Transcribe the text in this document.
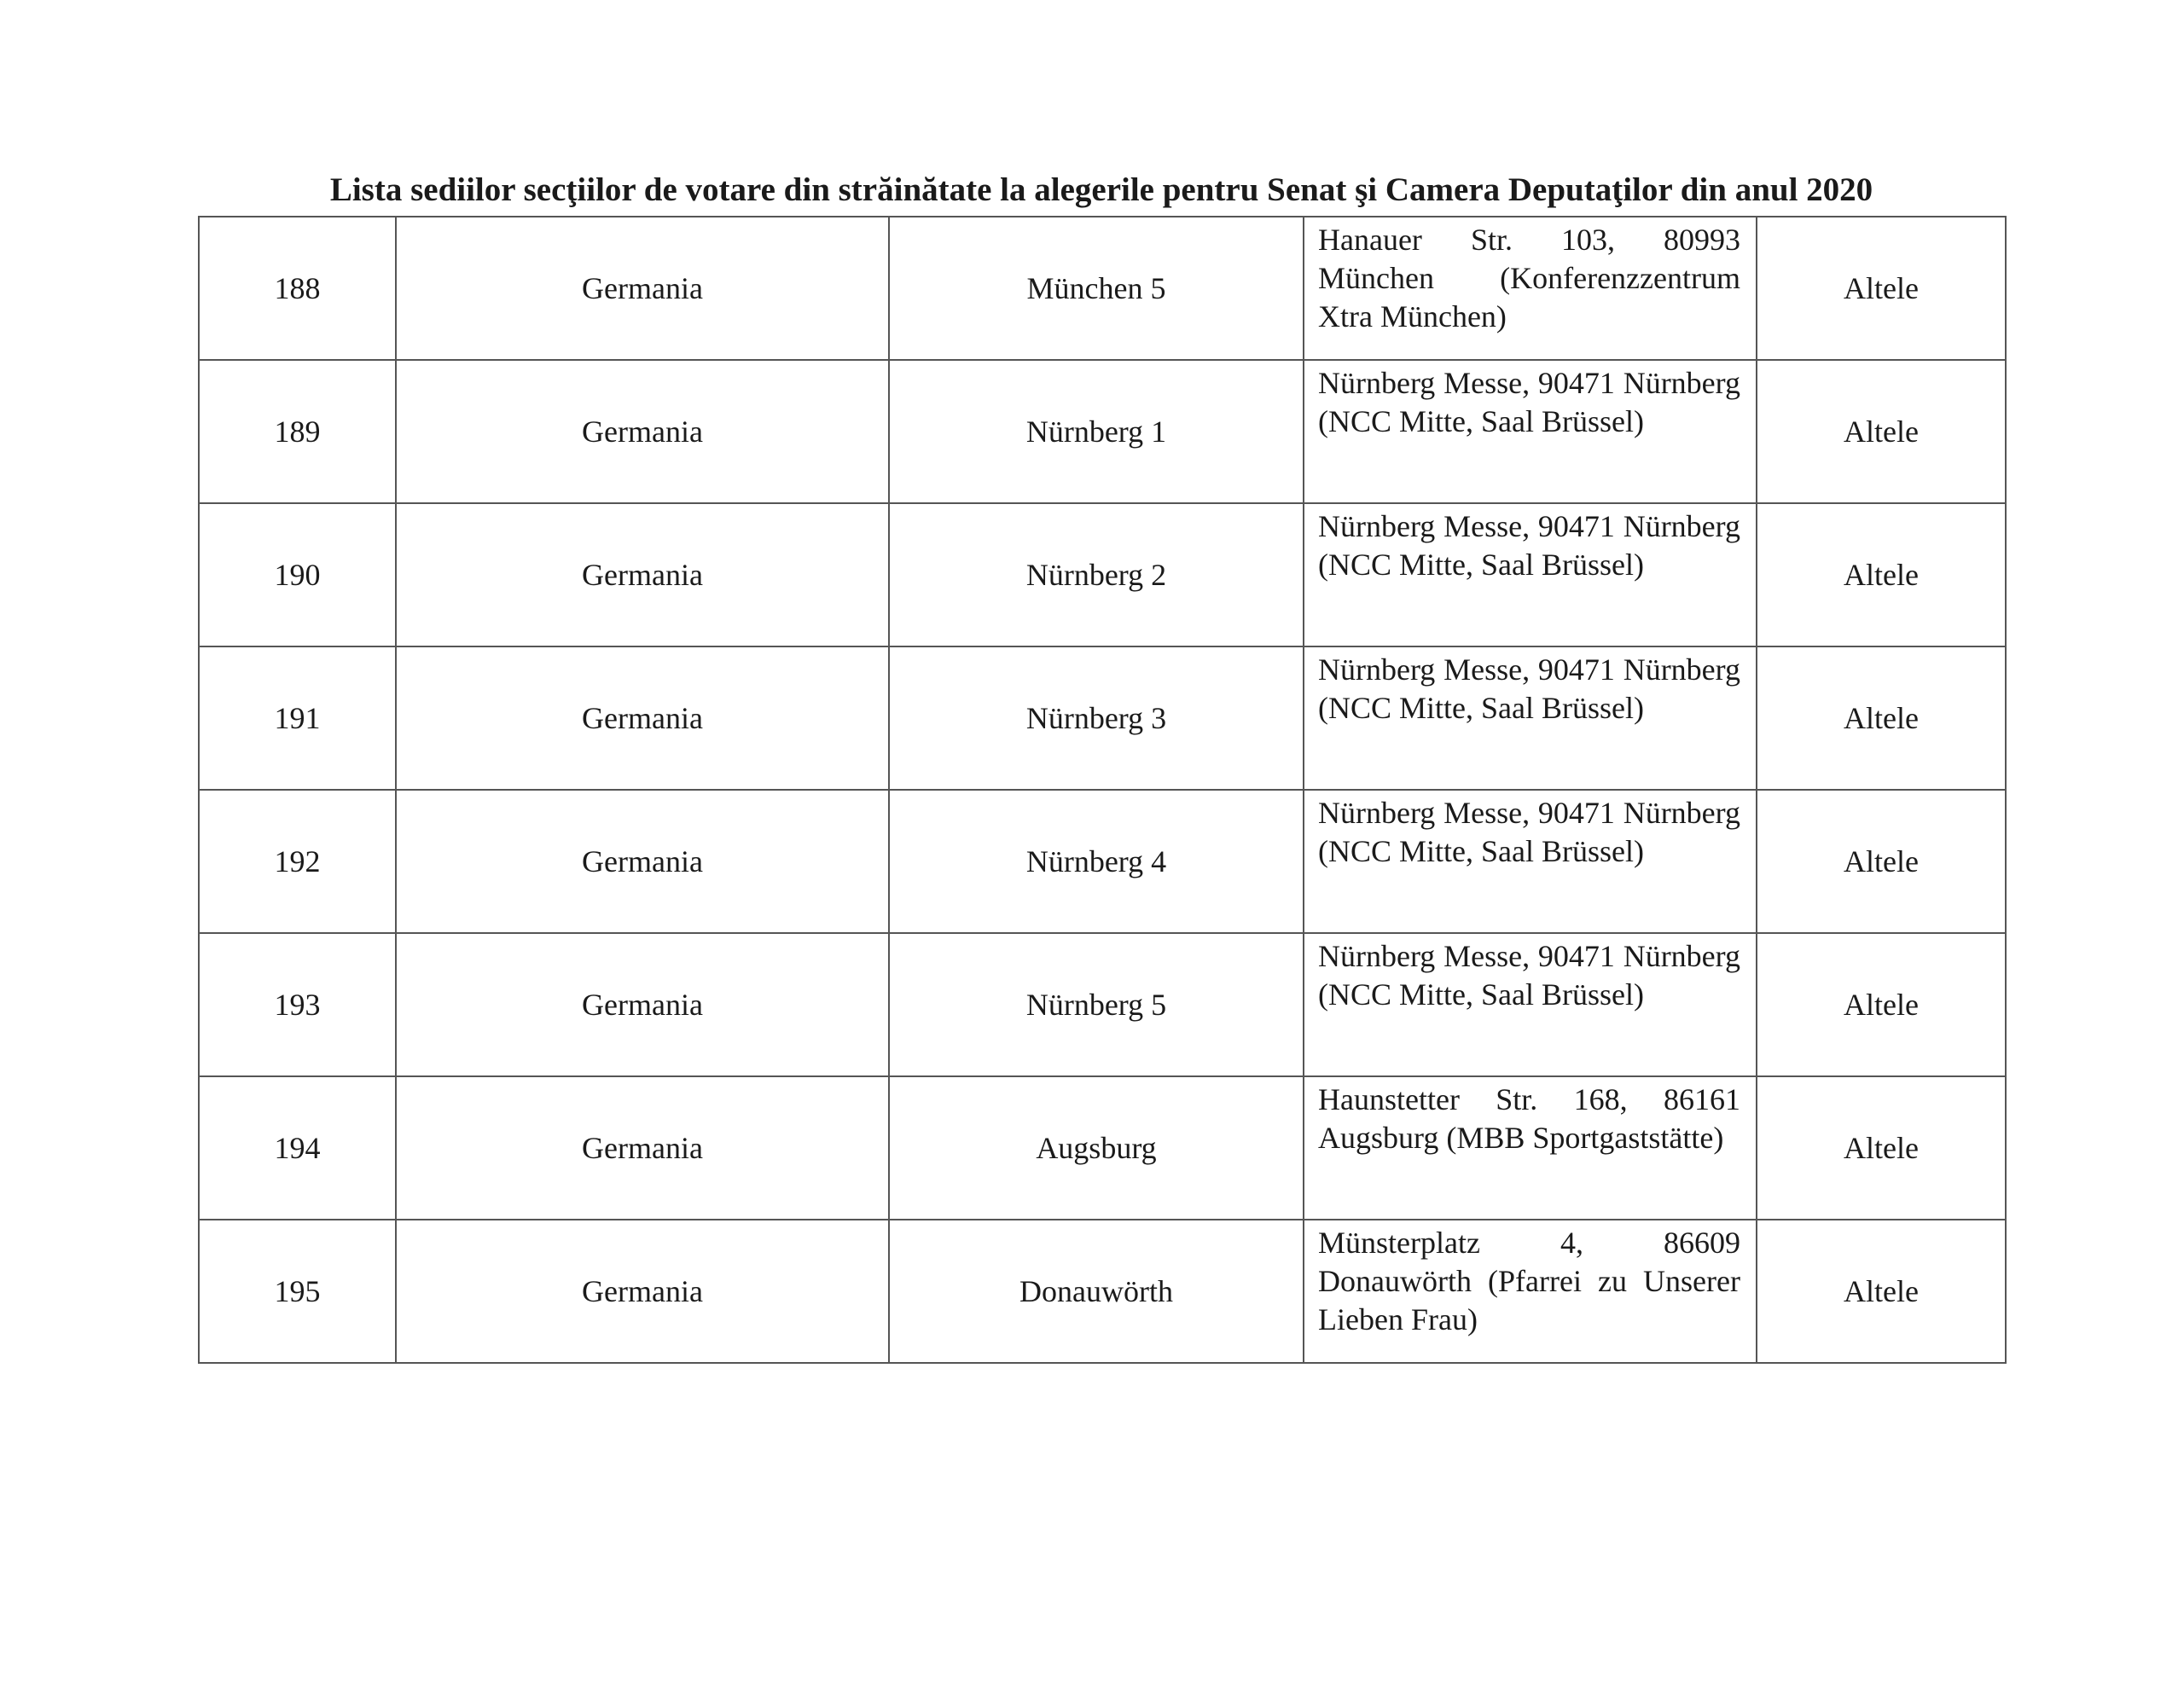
Lista sediilor secţiilor de votare din străinătate la alegerile pentru Senat şi Camera Deputaţilor din anul 2020
188	Germania	München 5	Hanauer Str. 103, 80993 München (Konferenzzentrum Xtra München)	Altele
189	Germania	Nürnberg 1	Nürnberg Messe, 90471 Nürnberg (NCC Mitte, Saal Brüssel)	Altele
190	Germania	Nürnberg 2	Nürnberg Messe, 90471 Nürnberg (NCC Mitte, Saal Brüssel)	Altele
191	Germania	Nürnberg 3	Nürnberg Messe, 90471 Nürnberg (NCC Mitte, Saal Brüssel)	Altele
192	Germania	Nürnberg 4	Nürnberg Messe, 90471 Nürnberg (NCC Mitte, Saal Brüssel)	Altele
193	Germania	Nürnberg 5	Nürnberg Messe, 90471 Nürnberg (NCC Mitte, Saal Brüssel)	Altele
194	Germania	Augsburg	Haunstetter Str. 168, 86161 Augsburg (MBB Sportgaststätte)	Altele
195	Germania	Donauwörth	Münsterplatz 4, 86609 Donauwörth (Pfarrei zu Unserer Lieben Frau)	Altele
